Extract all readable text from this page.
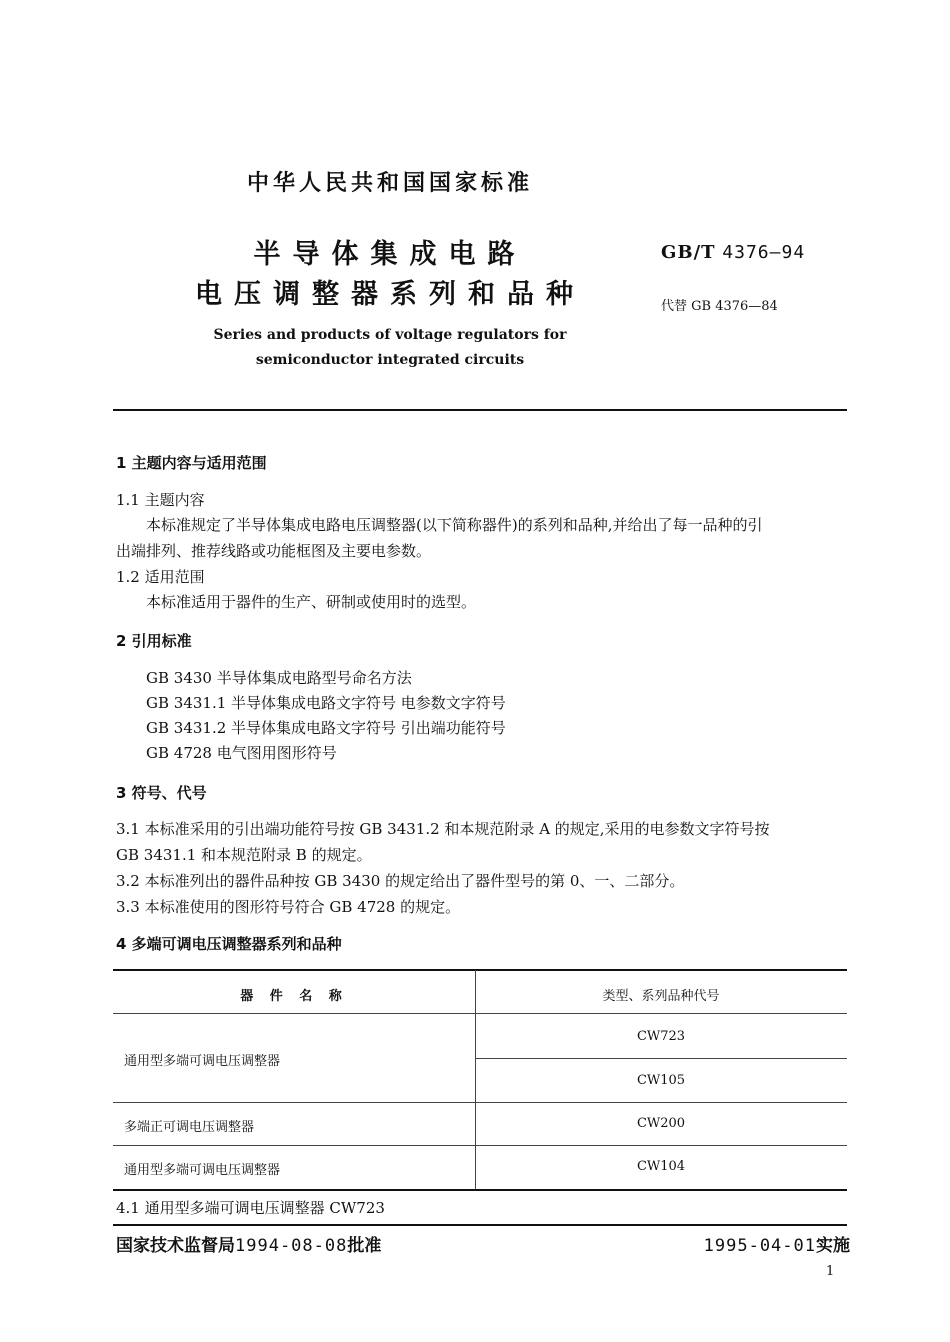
中华人民共和国国家标准
半导体集成电路
电压调整器系列和品种
GB/T 4376—94
代替 GB 4376—84
Series and products of voltage regulators for
semiconductor integrated circuits
1 主题内容与适用范围
1.1 主题内容
本标准规定了半导体集成电路电压调整器(以下简称器件)的系列和品种,并给出了每一品种的引
出端排列、推荐线路或功能框图及主要电参数。
1.2 适用范围
本标准适用于器件的生产、研制或使用时的选型。
2 引用标准
GB 3430 半导体集成电路型号命名方法
GB 3431.1 半导体集成电路文字符号 电参数文字符号
GB 3431.2 半导体集成电路文字符号 引出端功能符号
GB 4728 电气图用图形符号
3 符号、代号
3.1 本标准采用的引出端功能符号按 GB 3431.2 和本规范附录 A 的规定,采用的电参数文字符号按
GB 3431.1 和本规范附录 B 的规定。
3.2 本标准列出的器件品种按 GB 3430 的规定给出了器件型号的第 0、一、二部分。
3.3 本标准使用的图形符号符合 GB 4728 的规定。
4 多端可调电压调整器系列和品种
器 件 名 称	类型、系列品种代号
通用型多端可调电压调整器
CW723
CW105
多端正可调电压调整器	CW200
通用型多端可调电压调整器	CW104
4.1 通用型多端可调电压调整器 CW723
国家技术监督局1994-08-08批准	1995-04-01实施
1
